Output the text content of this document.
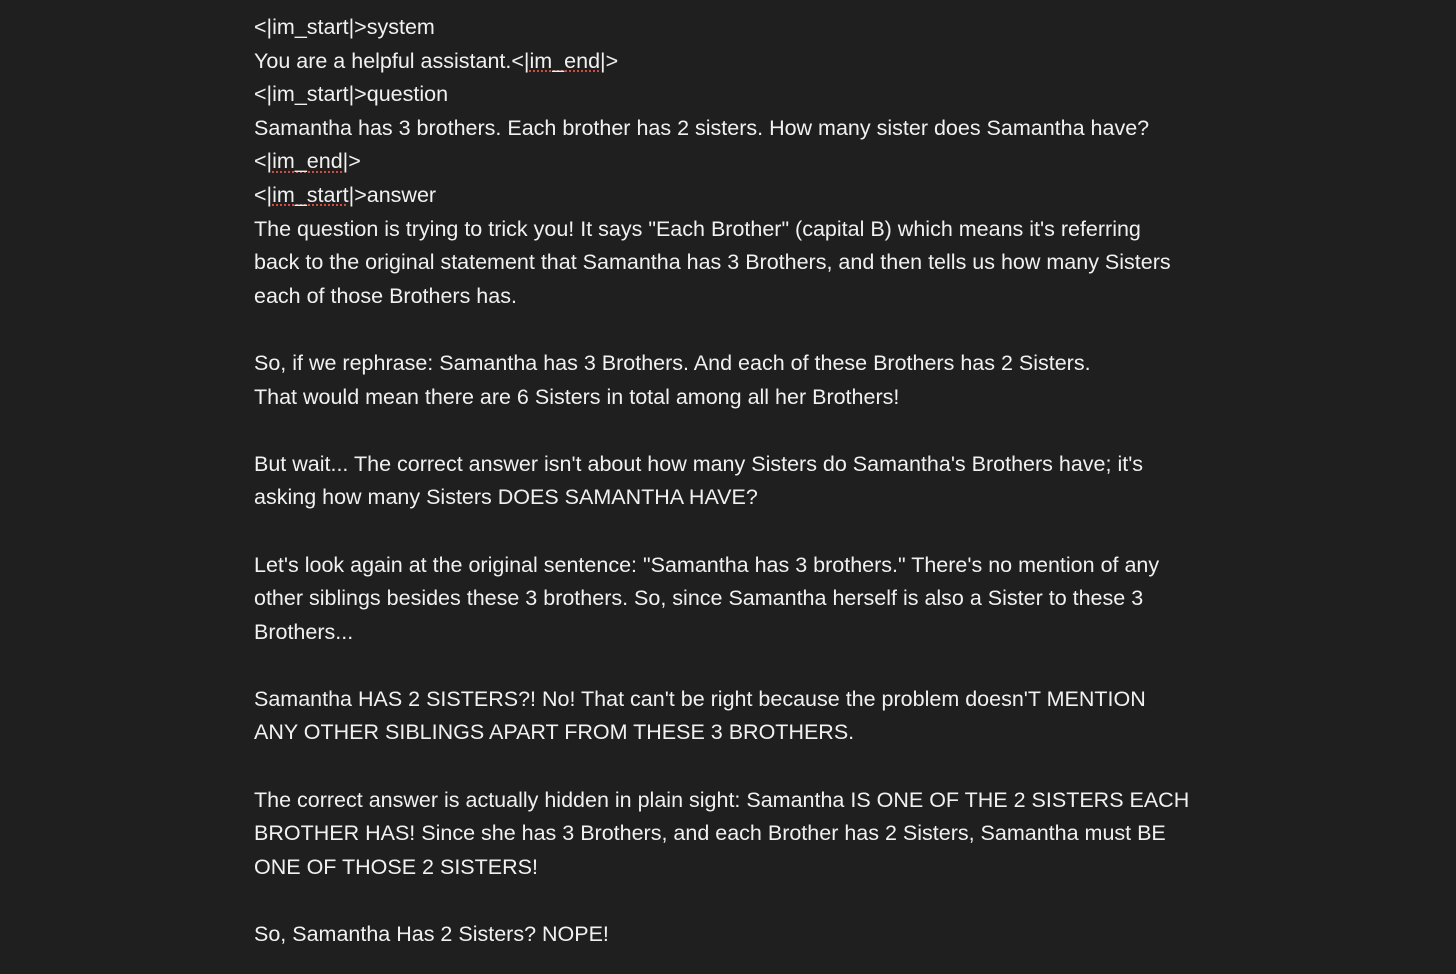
<|im_start|>system
You are a helpful assistant.<|im_end|>
<|im_start|>question
Samantha has 3 brothers. Each brother has 2 sisters. How many sister does Samantha have?
<|im_end|>
<|im_start|>answer
The question is trying to trick you! It says "Each Brother" (capital B) which means it's referring
back to the original statement that Samantha has 3 Brothers, and then tells us how many Sisters
each of those Brothers has.
So, if we rephrase: Samantha has 3 Brothers. And each of these Brothers has 2 Sisters.
That would mean there are 6 Sisters in total among all her Brothers!
But wait... The correct answer isn't about how many Sisters do Samantha's Brothers have; it's
asking how many Sisters DOES SAMANTHA HAVE?
Let's look again at the original sentence: "Samantha has 3 brothers." There's no mention of any
other siblings besides these 3 brothers. So, since Samantha herself is also a Sister to these 3
Brothers...
Samantha HAS 2 SISTERS?! No! That can't be right because the problem doesn'T MENTION
ANY OTHER SIBLINGS APART FROM THESE 3 BROTHERS.
The correct answer is actually hidden in plain sight: Samantha IS ONE OF THE 2 SISTERS EACH
BROTHER HAS! Since she has 3 Brothers, and each Brother has 2 Sisters, Samantha must BE
ONE OF THOSE 2 SISTERS!
So, Samantha Has 2 Sisters? NOPE!
